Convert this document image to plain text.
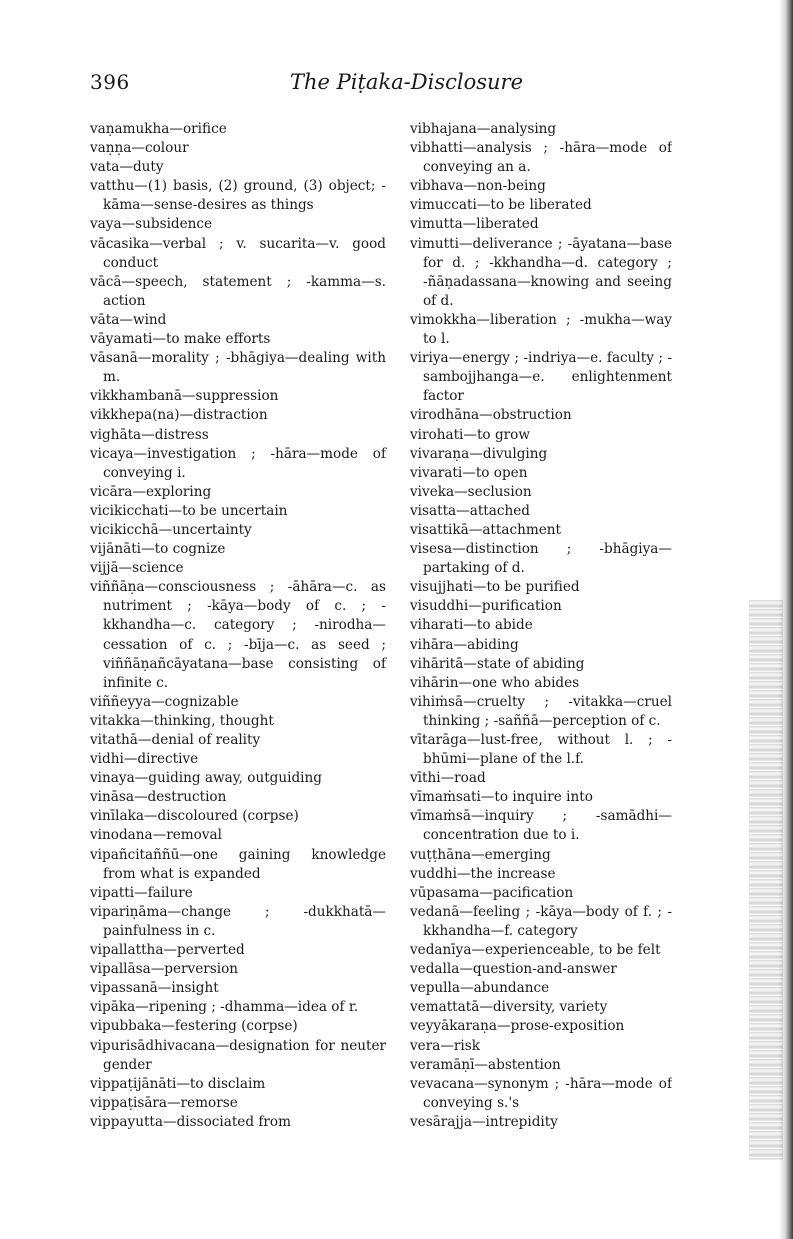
396	The Piṭaka-Disclosure
vaṇamukha—orifice
vaṇṇa—colour
vata—duty
vatthu—(1) basis, (2) ground, (3) object; -kāma—sense-desires as things
vaya—subsidence
vācasika—verbal ; v. sucarita—v. good conduct
vācā—speech, statement ; -kamma—s. action
vāta—wind
vāyamati—to make efforts
vāsanā—morality ; -bhāgiya—dealing with m.
vikkhambanā—suppression
vikkhepa(na)—distraction
vighāta—distress
vicaya—investigation ; -hāra—mode of conveying i.
vicāra—exploring
vicikicchati—to be uncertain
vicikicchā—uncertainty
vijānāti—to cognize
vijjā—science
viññāṇa—consciousness ; -āhāra—c. as nutriment ; -kāya—body of c. ; -kkhandha—c. category ; -nirodha—cessation of c. ; -bīja—c. as seed ; viññāṇañcāyatana—base consisting of infinite c.
viññeyya—cognizable
vitakka—thinking, thought
vitathā—denial of reality
vidhi—directive
vinaya—guiding away, outguiding
vināsa—destruction
vinīlaka—discoloured (corpse)
vinodana—removal
vipañcitaññū—one gaining knowledge from what is expanded
vipatti—failure
vipariṇāma—change ; -dukkhatā—painfulness in c.
vipallattha—perverted
vipallāsa—perversion
vipassanā—insight
vipāka—ripening ; -dhamma—idea of r.
vipubbaka—festering (corpse)
vipurisādhivacana—designation for neuter gender
vippaṭijānāti—to disclaim
vippaṭisāra—remorse
vippayutta—dissociated from
vibhajana—analysing
vibhatti—analysis ; -hāra—mode of conveying an a.
vibhava—non-being
vimuccati—to be liberated
vimutta—liberated
vimutti—deliverance ; -āyatana—base for d. ; -kkhandha—d. category ; -ñāṇadassana—knowing and seeing of d.
vimokkha—liberation ; -mukha—way to l.
viriya—energy ; -indriya—e. faculty ; -sambojjhanga—e. enlightenment factor
virodhāna—obstruction
virohati—to grow
vivaraṇa—divulging
vivarati—to open
viveka—seclusion
visatta—attached
visattikā—attachment
visesa—distinction ; -bhāgiya—partaking of d.
visujjhati—to be purified
visuddhi—purification
viharati—to abide
vihāra—abiding
vihāritā—state of abiding
vihārin—one who abides
vihiṁsā—cruelty ; -vitakka—cruel thinking ; -saññā—perception of c.
vītarāga—lust-free, without l. ; -bhūmi—plane of the l.f.
vīthi—road
vīmaṁsati—to inquire into
vīmaṁsā—inquiry ; -samādhi—concentration due to i.
vuṭṭhāna—emerging
vuddhi—the increase
vūpasama—pacification
vedanā—feeling ; -kāya—body of f. ; -kkhandha—f. category
vedanīya—experienceable, to be felt
vedalla—question-and-answer
vepulla—abundance
vemattatā—diversity, variety
veyyākaraṇa—prose-exposition
vera—risk
veramāṇī—abstention
vevacana—synonym ; -hāra—mode of conveying s.'s
vesārajja—intrepidity
